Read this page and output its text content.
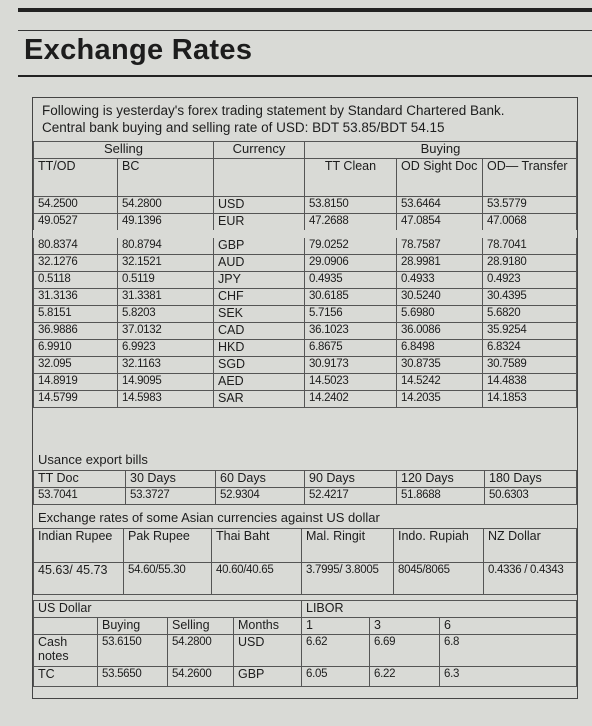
Exchange Rates
Following is yesterday's forex trading statement by Standard Chartered Bank.
Central bank buying and selling rate of USD: BDT 53.85/BDT 54.15
Selling		Currency	Buying		
TT/OD	BC		TT Clean	OD Sight Doc	OD— Transfer
54.2500	54.2800	USD	53.8150	53.6464	53.5779
49.0527	49.1396	EUR	47.2688	47.0854	47.0068
80.8374	80.8794	GBP	79.0252	78.7587	78.7041
32.1276	32.1521	AUD	29.0906	28.9981	28.9180
0.5118	0.5119	JPY	0.4935	0.4933	0.4923
31.3136	31.3381	CHF	30.6185	30.5240	30.4395
5.8151	5.8203	SEK	5.7156	5.6980	5.6820
36.9886	37.0132	CAD	36.1023	36.0086	35.9254
6.9910	6.9923	HKD	6.8675	6.8498	6.8324
32.095	32.1163	SGD	30.9173	30.8735	30.7589
14.8919	14.9095	AED	14.5023	14.5242	14.4838
14.5799	14.5983	SAR	14.2402	14.2035	14.1853
Usance export bills
TT Doc	30 Days	60 Days	90 Days	120 Days	180 Days
53.7041	53.3727	52.9304	52.4217	51.8688	50.6303
Exchange rates of some Asian currencies against US dollar
Indian Rupee	Pak Rupee	Thai Baht	Mal. Ringit	Indo. Rupiah	NZ Dollar
45.63/ 45.73	54.60/55.30	40.60/40.65	3.7995/ 3.8005	8045/8065	0.4336 / 0.4343
US Dollar				LIBOR		
	Buying	Selling	Months	1	3	6
Cash notes	53.6150	54.2800	USD	6.62	6.69	6.8
TC	53.5650	54.2600	GBP	6.05	6.22	6.3
